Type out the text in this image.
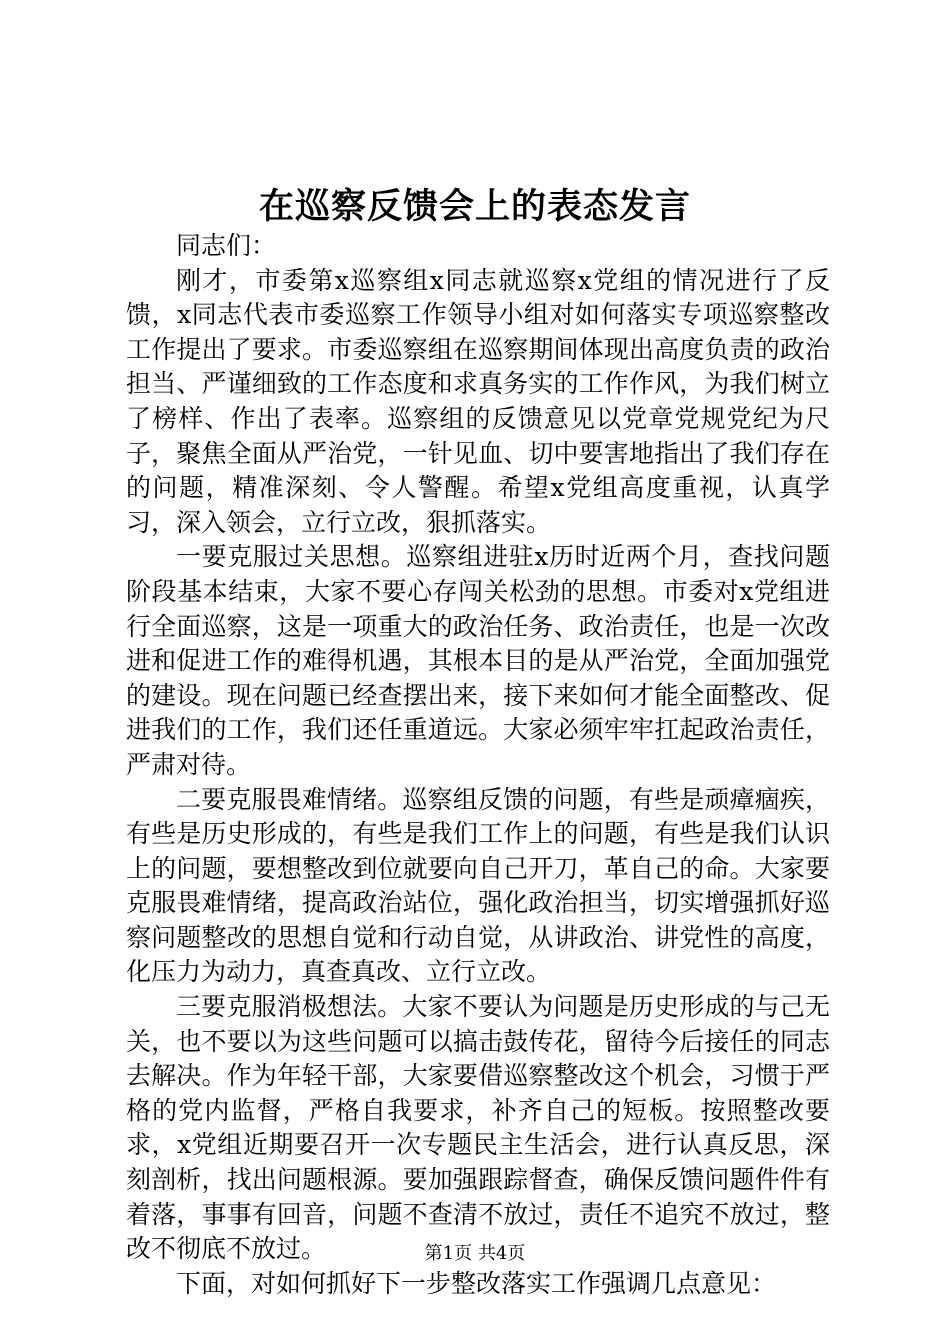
在巡察反馈会上的表态发言

同志们：

刚才，市委第x巡察组x同志就巡察x党组的情况进行了反馈，x同志代表市委巡察工作领导小组对如何落实专项巡察整改工作提出了要求。市委巡察组在巡察期间体现出高度负责的政治担当、严谨细致的工作态度和求真务实的工作作风，为我们树立了榜样、作出了表率。巡察组的反馈意见以党章党规党纪为尺子，聚焦全面从严治党，一针见血、切中要害地指出了我们存在的问题，精准深刻、令人警醒。希望x党组高度重视，认真学习，深入领会，立行立改，狠抓落实。

一要克服过关思想。巡察组进驻x历时近两个月，查找问题阶段基本结束，大家不要心存闯关松劲的思想。市委对x党组进行全面巡察，这是一项重大的政治任务、政治责任，也是一次改进和促进工作的难得机遇，其根本目的是从严治党，全面加强党的建设。现在问题已经查摆出来，接下来如何才能全面整改、促进我们的工作，我们还任重道远。大家必须牢牢扛起政治责任，严肃对待。

二要克服畏难情绪。巡察组反馈的问题，有些是顽瘴痼疾，有些是历史形成的，有些是我们工作上的问题，有些是我们认识上的问题，要想整改到位就要向自己开刀，革自己的命。大家要克服畏难情绪，提高政治站位，强化政治担当，切实增强抓好巡察问题整改的思想自觉和行动自觉，从讲政治、讲党性的高度，化压力为动力，真查真改、立行立改。

三要克服消极想法。大家不要认为问题是历史形成的与己无关，也不要以为这些问题可以搞击鼓传花，留待今后接任的同志去解决。作为年轻干部，大家要借巡察整改这个机会，习惯于严格的党内监督，严格自我要求，补齐自己的短板。按照整改要求，x党组近期要召开一次专题民主生活会，进行认真反思，深刻剖析，找出问题根源。要加强跟踪督查，确保反馈问题件件有着落，事事有回音，问题不查清不放过，责任不追究不放过，整改不彻底不放过。

下面，对如何抓好下一步整改落实工作强调几点意见：

第1页 共4页
